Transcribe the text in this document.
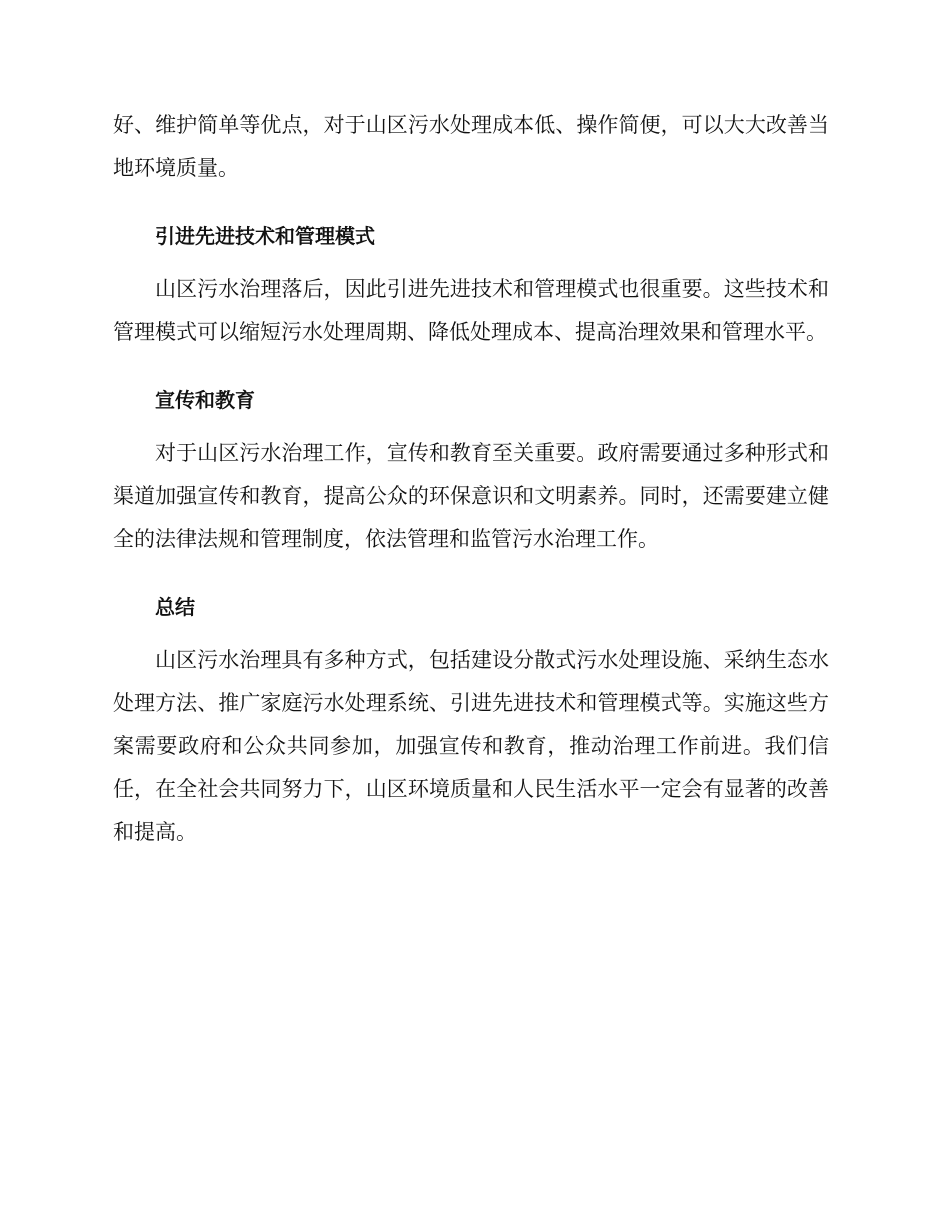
好、维护简单等优点，对于山区污水处理成本低、操作简便，可以大大改善当地环境质量。

引进先进技术和管理模式

山区污水治理落后，因此引进先进技术和管理模式也很重要。这些技术和管理模式可以缩短污水处理周期、降低处理成本、提高治理效果和管理水平。

宣传和教育

对于山区污水治理工作，宣传和教育至关重要。政府需要通过多种形式和渠道加强宣传和教育，提高公众的环保意识和文明素养。同时，还需要建立健全的法律法规和管理制度，依法管理和监管污水治理工作。

总结

山区污水治理具有多种方式，包括建设分散式污水处理设施、采纳生态水处理方法、推广家庭污水处理系统、引进先进技术和管理模式等。实施这些方案需要政府和公众共同参加，加强宣传和教育，推动治理工作前进。我们信任，在全社会共同努力下，山区环境质量和人民生活水平一定会有显著的改善和提高。
